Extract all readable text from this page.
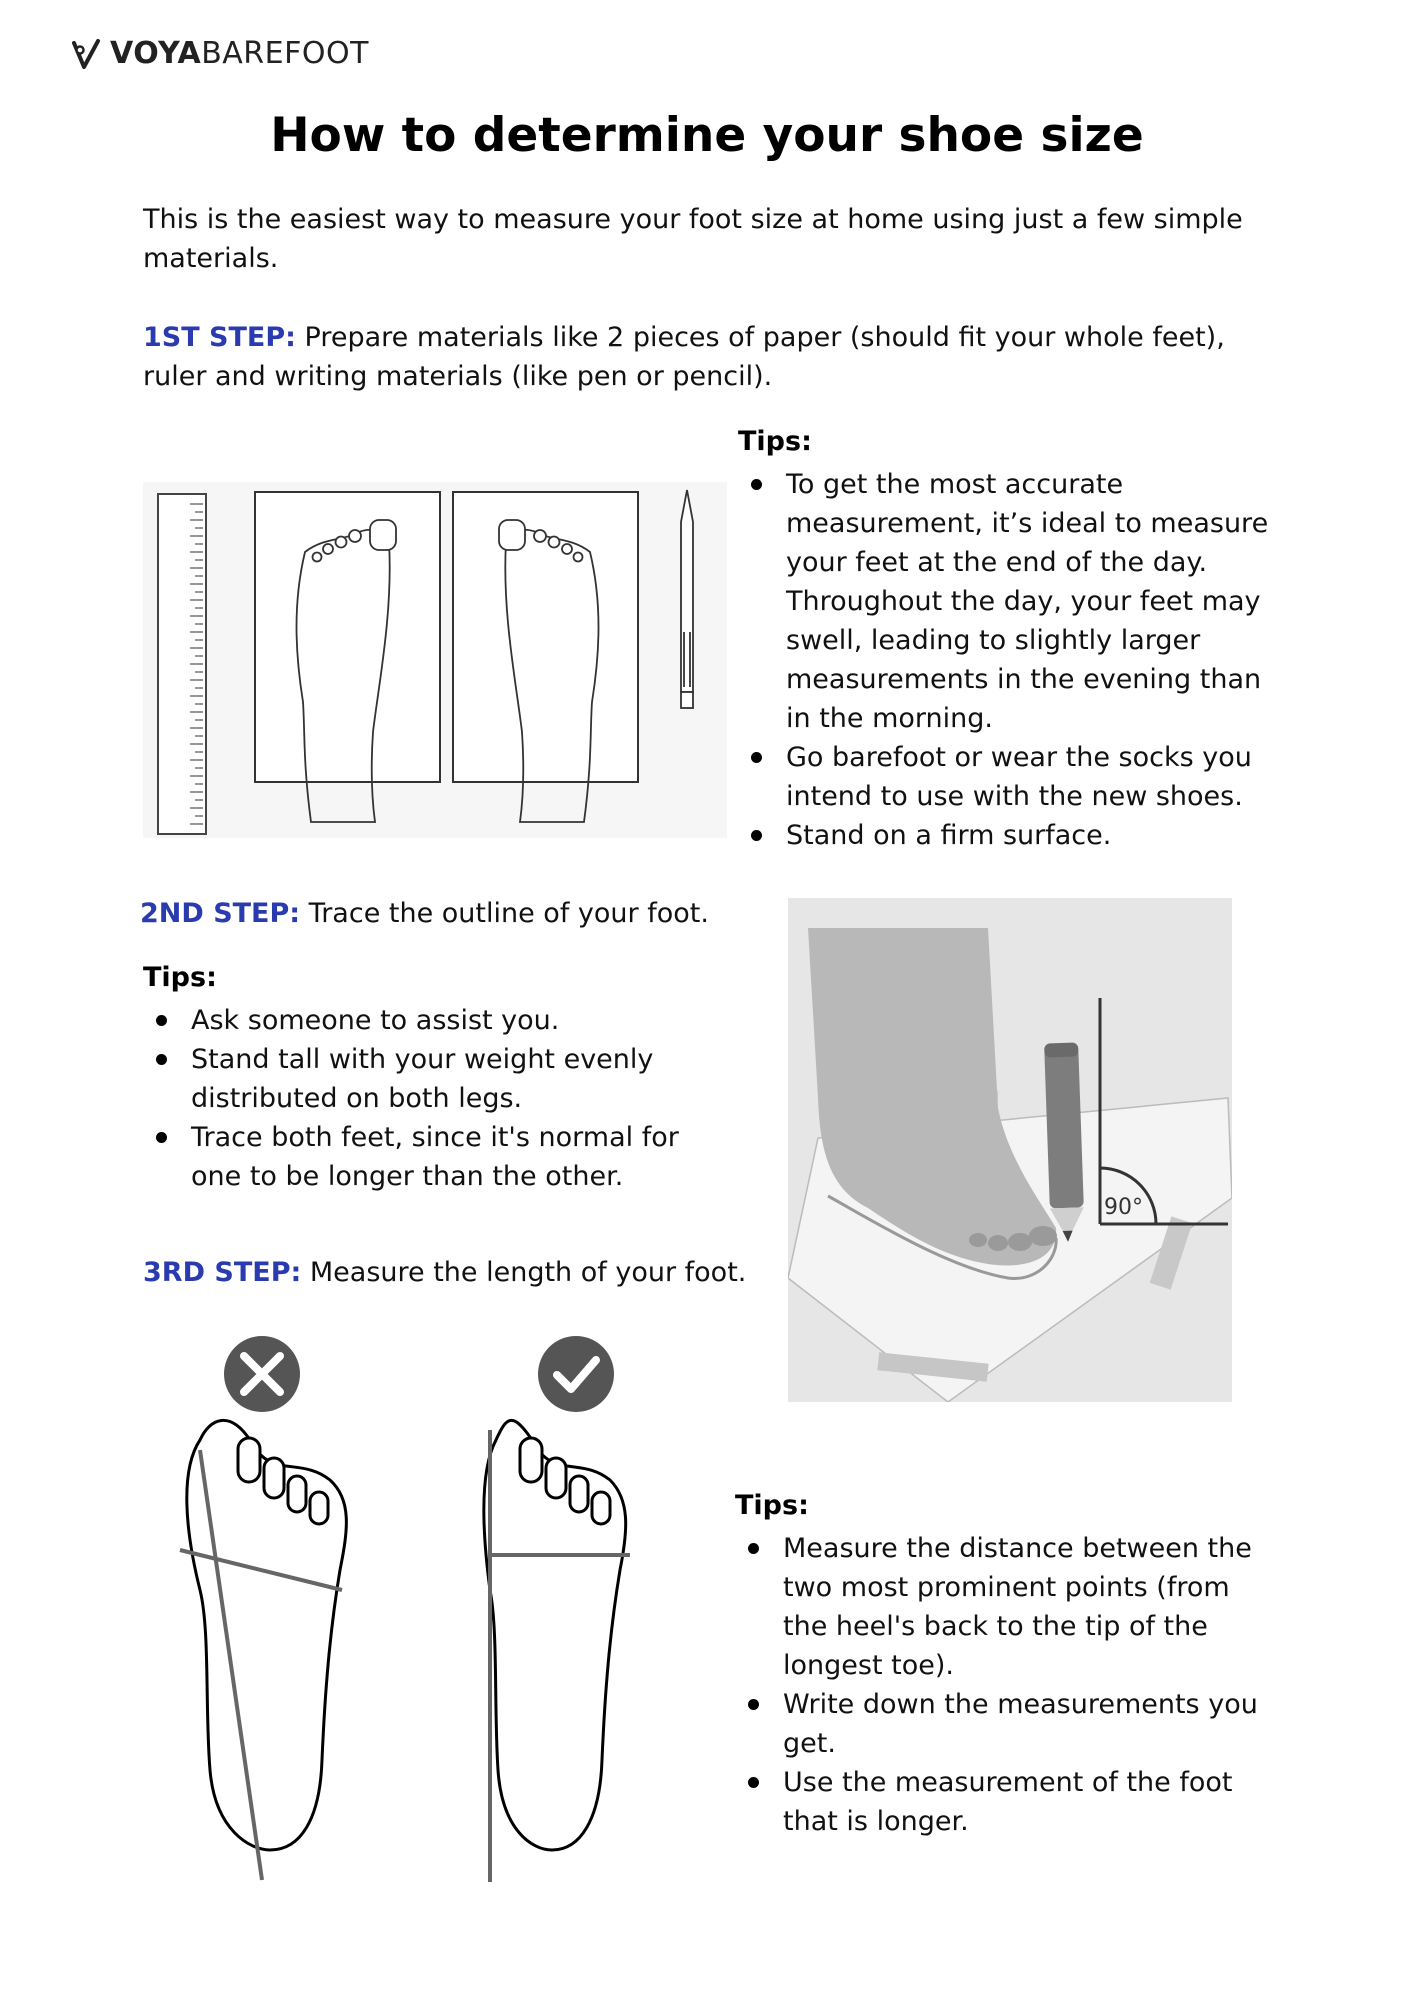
VOYABAREFOOT
How to determine your shoe size
This is the easiest way to measure your foot size at home using just a few simple materials.
1ST STEP: Prepare materials like 2 pieces of paper (should fit your whole feet), ruler and writing materials (like pen or pencil).
Tips:
To get the most accurate measurement, it’s ideal to measure your feet at the end of the day. Throughout the day, your feet may swell, leading to slightly larger measurements in the evening than in the morning.
Go barefoot or wear the socks you intend to use with the new shoes.
Stand on a firm surface.
2ND STEP: Trace the outline of your foot.
Tips:
Ask someone to assist you.
Stand tall with your weight evenly distributed on both legs.
Trace both feet, since it's normal for one to be longer than the other.
90°
3RD STEP: Measure the length of your foot.
Tips:
Measure the distance between the two most prominent points (from the heel's back to the tip of the longest toe).
Write down the measurements you get.
Use the measurement of the foot that is longer.
